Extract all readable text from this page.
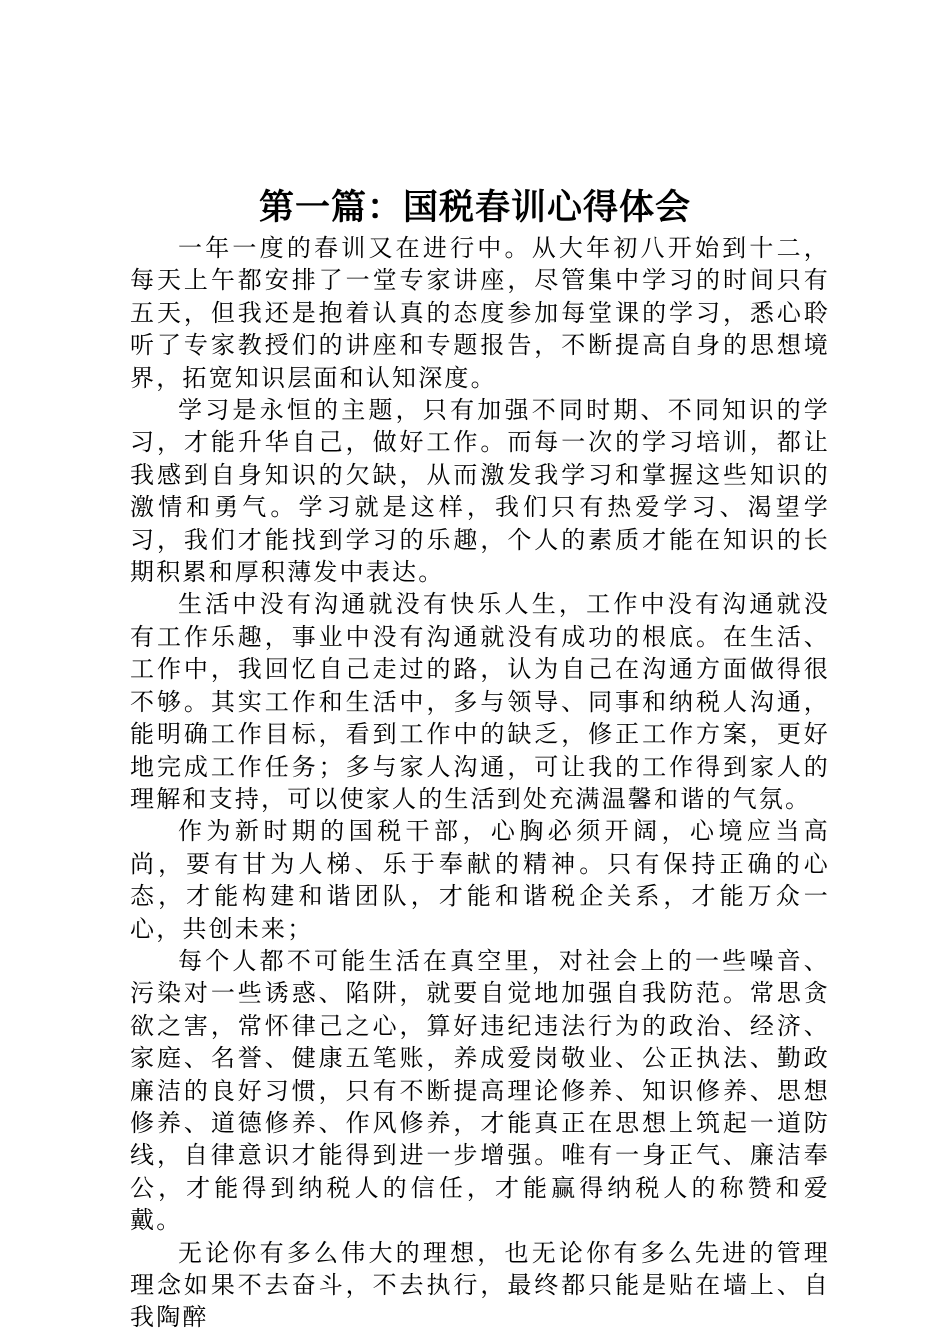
第一篇：国税春训心得体会

一年一度的春训又在进行中。从大年初八开始到十二，每天上午都安排了一堂专家讲座，尽管集中学习的时间只有五天，但我还是抱着认真的态度参加每堂课的学习，悉心聆听了专家教授们的讲座和专题报告，不断提高自身的思想境界，拓宽知识层面和认知深度。

学习是永恒的主题，只有加强不同时期、不同知识的学习，才能升华自己，做好工作。而每一次的学习培训，都让我感到自身知识的欠缺，从而激发我学习和掌握这些知识的激情和勇气。学习就是这样，我们只有热爱学习、渴望学习，我们才能找到学习的乐趣，个人的素质才能在知识的长期积累和厚积薄发中表达。

生活中没有沟通就没有快乐人生，工作中没有沟通就没有工作乐趣，事业中没有沟通就没有成功的根底。在生活、工作中，我回忆自己走过的路，认为自己在沟通方面做得很不够。其实工作和生活中，多与领导、同事和纳税人沟通，能明确工作目标，看到工作中的缺乏，修正工作方案，更好地完成工作任务；多与家人沟通，可让我的工作得到家人的理解和支持，可以使家人的生活到处充满温馨和谐的气氛。

作为新时期的国税干部，心胸必须开阔，心境应当高尚，要有甘为人梯、乐于奉献的精神。只有保持正确的心态，才能构建和谐团队，才能和谐税企关系，才能万众一心，共创未来；

每个人都不可能生活在真空里，对社会上的一些噪音、污染对一些诱惑、陷阱，就要自觉地加强自我防范。常思贪欲之害，常怀律己之心，算好违纪违法行为的政治、经济、家庭、名誉、健康五笔账，养成爱岗敬业、公正执法、勤政廉洁的良好习惯，只有不断提高理论修养、知识修养、思想修养、道德修养、作风修养，才能真正在思想上筑起一道防线，自律意识才能得到进一步增强。唯有一身正气、廉洁奉公，才能得到纳税人的信任，才能赢得纳税人的称赞和爱戴。

无论你有多么伟大的理想，也无论你有多么先进的管理理念如果不去奋斗，不去执行，最终都只能是贴在墙上、自我陶醉
